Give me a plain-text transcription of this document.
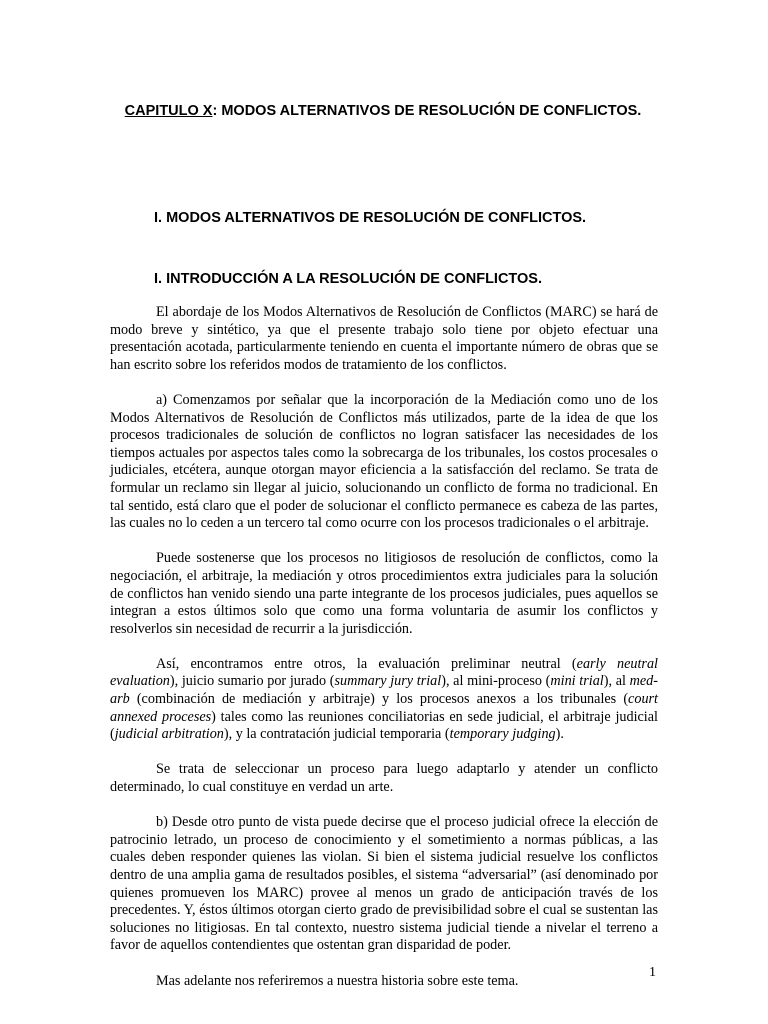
CAPITULO X: MODOS ALTERNATIVOS DE RESOLUCIÓN DE CONFLICTOS.
I. MODOS ALTERNATIVOS DE RESOLUCIÓN DE CONFLICTOS.
I. INTRODUCCIÓN A LA RESOLUCIÓN DE CONFLICTOS.

El abordaje de los Modos Alternativos de Resolución de Conflictos (MARC) se hará de modo breve y sintético, ya que el presente trabajo solo tiene por objeto efectuar una presentación acotada, particularmente teniendo en cuenta el importante número de obras que se han escrito sobre los referidos modos de tratamiento de los conflictos.

a) Comenzamos por señalar que la incorporación de la Mediación como uno de los Modos Alternativos de Resolución de Conflictos más utilizados, parte de la idea de que los procesos tradicionales de solución de conflictos no logran satisfacer las necesidades de los tiempos actuales por aspectos tales como la sobrecarga de los tribunales, los costos procesales o judiciales, etcétera, aunque otorgan mayor eficiencia a la satisfacción del reclamo. Se trata de formular un reclamo sin llegar al juicio, solucionando un conflicto de forma no tradicional. En tal sentido, está claro que el poder de solucionar el conflicto permanece es cabeza de las partes, las cuales no lo ceden a un tercero tal como ocurre con los procesos tradicionales o el arbitraje.

Puede sostenerse que los procesos no litigiosos de resolución de conflictos, como la negociación, el arbitraje, la mediación y otros procedimientos extra judiciales para la solución de conflictos han venido siendo una parte integrante de los procesos judiciales, pues aquellos se integran a estos últimos solo que como una forma voluntaria de asumir los conflictos y resolverlos sin necesidad de recurrir a la jurisdicción.

Así, encontramos entre otros, la evaluación preliminar neutral (early neutral evaluation), juicio sumario por jurado (summary jury trial), al mini-proceso (mini trial), al med-arb (combinación de mediación y arbitraje) y los procesos anexos a los tribunales (court annexed proceses) tales como las reuniones conciliatorias en sede judicial, el arbitraje judicial (judicial arbitration), y la contratación judicial temporaria (temporary judging).

Se trata de seleccionar un proceso para luego adaptarlo y atender un conflicto determinado, lo cual constituye en verdad un arte.

b) Desde otro punto de vista puede decirse que el proceso judicial ofrece la elección de patrocinio letrado, un proceso de conocimiento y el sometimiento a normas públicas, a las cuales deben responder quienes las violan. Si bien el sistema judicial resuelve los conflictos dentro de una amplia gama de resultados posibles, el sistema “adversarial” (así denominado por quienes promueven los MARC) provee al menos un grado de anticipación través de los precedentes. Y, éstos últimos otorgan cierto grado de previsibilidad sobre el cual se sustentan las soluciones no litigiosas. En tal contexto, nuestro sistema judicial tiende a nivelar el terreno a favor de aquellos contendientes que ostentan gran disparidad de poder.

Mas adelante nos referiremos a nuestra historia sobre este tema.

1
